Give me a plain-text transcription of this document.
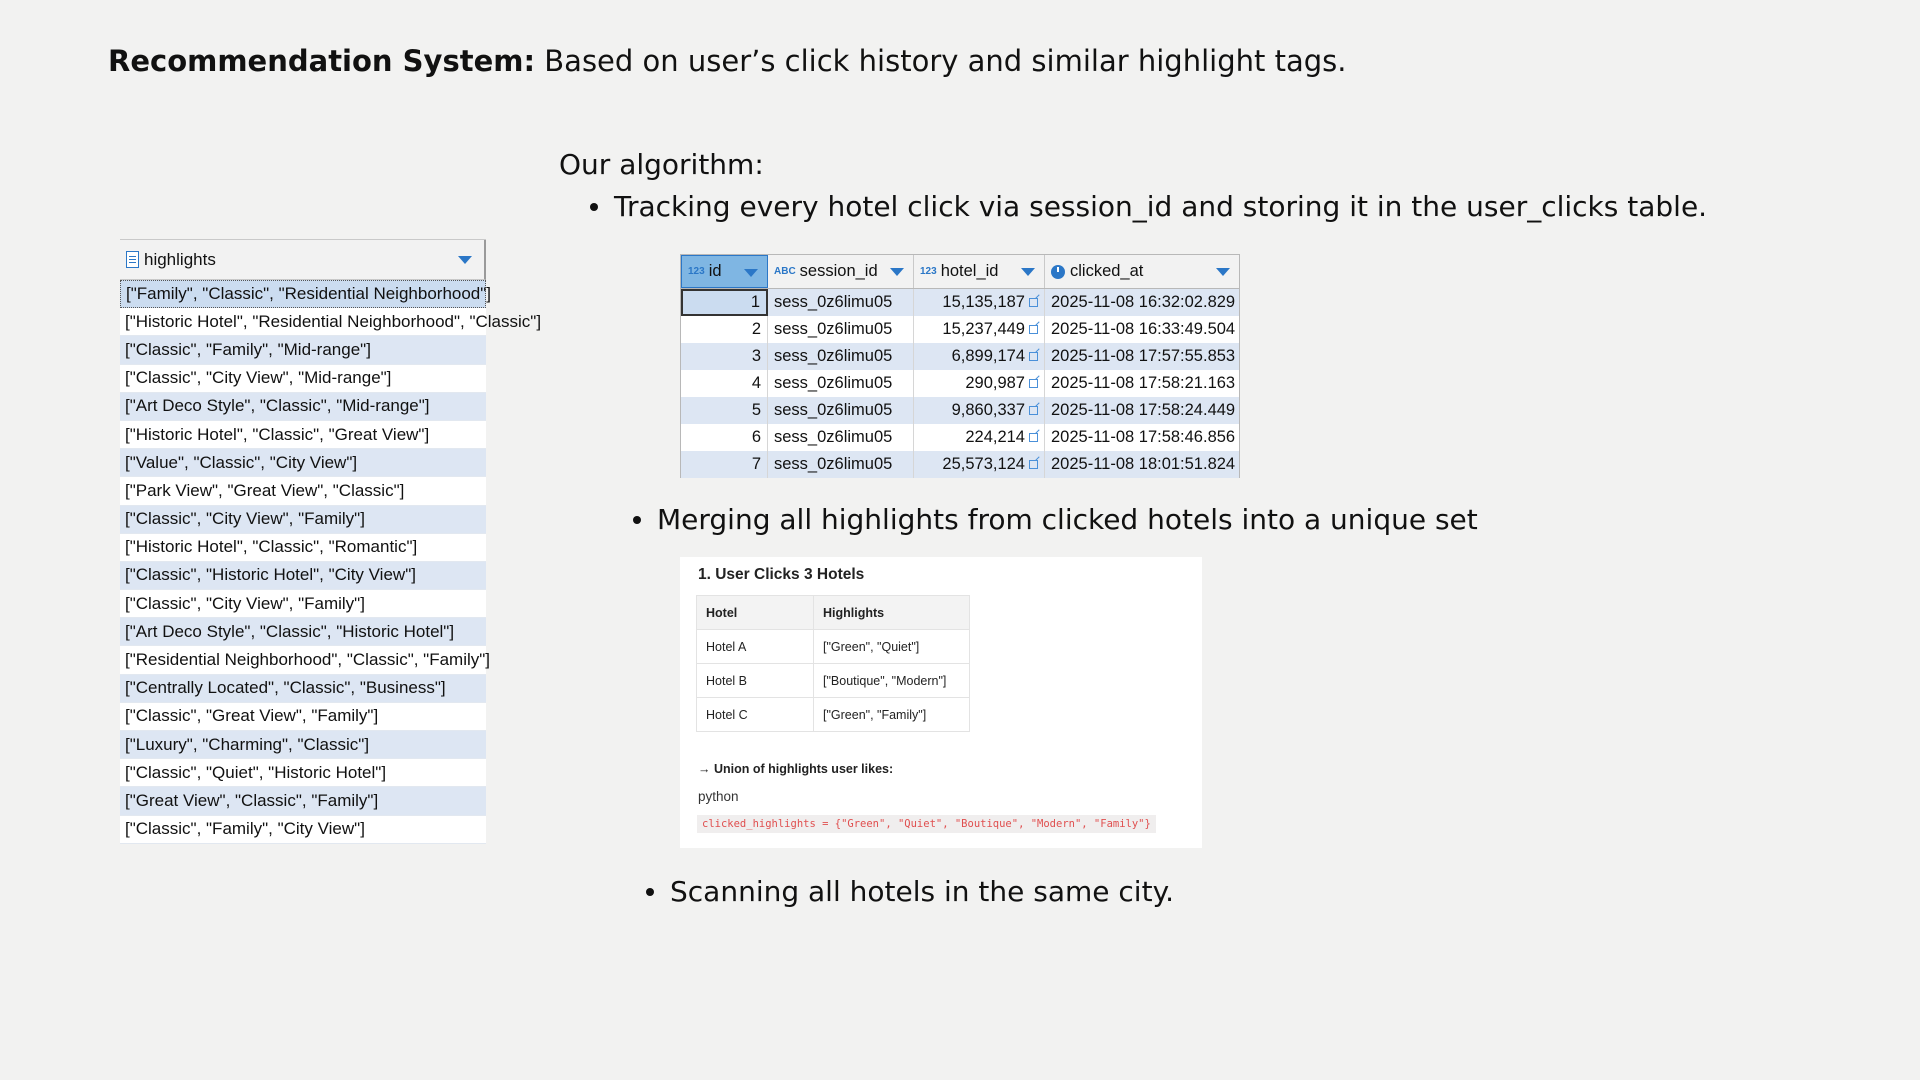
Recommendation System: Based on user’s click history and similar highlight tags.
highlights
["Family", "Classic", "Residential Neighborhood"]
["Historic Hotel", "Residential Neighborhood", "Classic"]
["Classic", "Family", "Mid-range"]
["Classic", "City View", "Mid-range"]
["Art Deco Style", "Classic", "Mid-range"]
["Historic Hotel", "Classic", "Great View"]
["Value", "Classic", "City View"]
["Park View", "Great View", "Classic"]
["Classic", "City View", "Family"]
["Historic Hotel", "Classic", "Romantic"]
["Classic", "Historic Hotel", "City View"]
["Classic", "City View", "Family"]
["Art Deco Style", "Classic", "Historic Hotel"]
["Residential Neighborhood", "Classic", "Family"]
["Centrally Located", "Classic", "Business"]
["Classic", "Great View", "Family"]
["Luxury", "Charming", "Classic"]
["Classic", "Quiet", "Historic Hotel"]
["Great View", "Classic", "Family"]
["Classic", "Family", "City View"]
Our algorithm:
Tracking every hotel click via session_id and storing it in the user_clicks table.
123 id	ABC session_id	123 hotel_id	clicked_at
1 sess_0z6limu05	15,135,187 2025-11-08 16:32:02.829
2 sess_0z6limu05	15,237,449 2025-11-08 16:33:49.504
3 sess_0z6limu05	6,899,174 2025-11-08 17:57:55.853
4 sess_0z6limu05	290,987 2025-11-08 17:58:21.163
5 sess_0z6limu05	9,860,337 2025-11-08 17:58:24.449
6 sess_0z6limu05	224,214 2025-11-08 17:58:46.856
7 sess_0z6limu05	25,573,124 2025-11-08 18:01:51.824
Merging all highlights from clicked hotels into a unique set
1. User Clicks 3 Hotels
Hotel	Highlights
Hotel A	["Green", "Quiet"]
Hotel B	["Boutique", "Modern"]
Hotel C	["Green", "Family"]
→ Union of highlights user likes:
python
clicked_highlights = {"Green", "Quiet", "Boutique", "Modern", "Family"}
Scanning all hotels in the same city.
